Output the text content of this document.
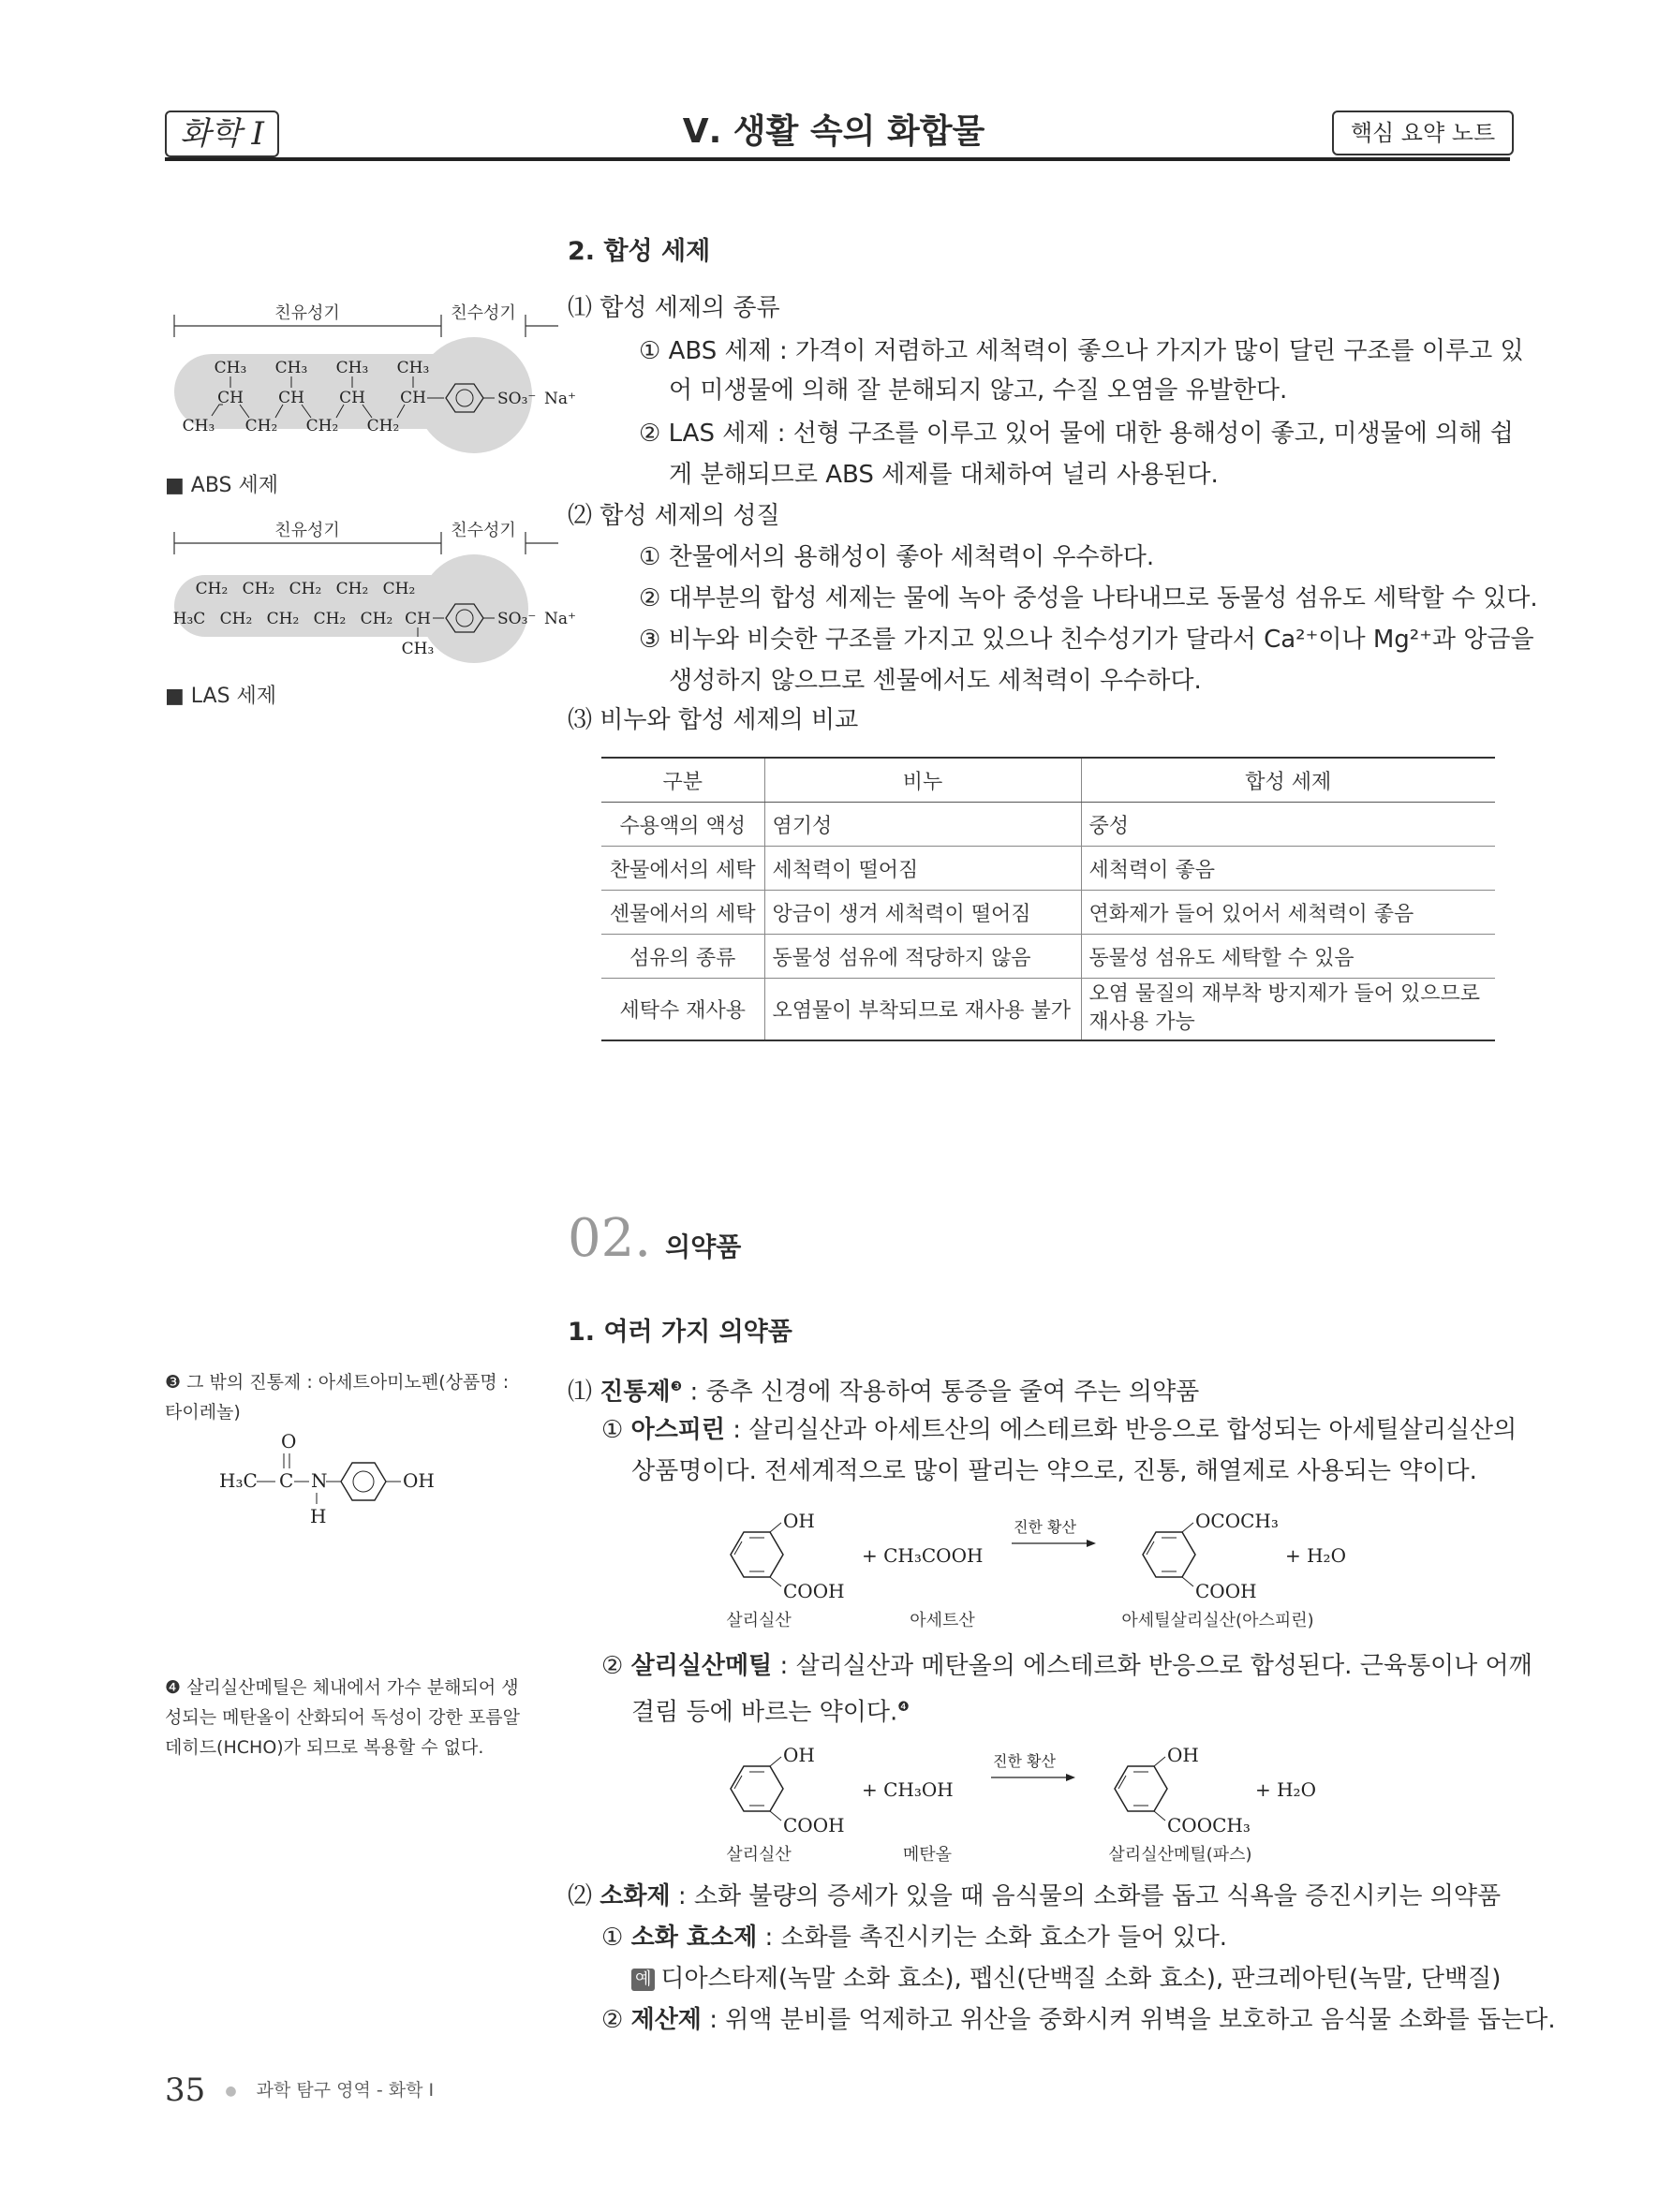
화학 I	Ⅴ. 생활 속의 화합물	핵심 요약 노트
친유성기	친수성기
CH₃ CH₃ CH₃ CH₃
CH CH CH CH
CH₃ CH₂ CH₂ CH₂
SO₃⁻ Na⁺
■ ABS 세제
친유성기	친수성기
CH₂ CH₂ CH₂ CH₂ CH₂
H₃C CH₂ CH₂ CH₂ CH₂ CH
CH₃
SO₃⁻ Na⁺
■ LAS 세제
2. 합성 세제
⑴ 합성 세제의 종류
① ABS 세제 : 가격이 저렴하고 세척력이 좋으나 가지가 많이 달린 구조를 이루고 있
어 미생물에 의해 잘 분해되지 않고, 수질 오염을 유발한다.
② LAS 세제 : 선형 구조를 이루고 있어 물에 대한 용해성이 좋고, 미생물에 의해 쉽
게 분해되므로 ABS 세제를 대체하여 널리 사용된다.
⑵ 합성 세제의 성질
① 찬물에서의 용해성이 좋아 세척력이 우수하다.
② 대부분의 합성 세제는 물에 녹아 중성을 나타내므로 동물성 섬유도 세탁할 수 있다.
③ 비누와 비슷한 구조를 가지고 있으나 친수성기가 달라서 Ca²⁺이나 Mg²⁺과 앙금을
생성하지 않으므로 센물에서도 세척력이 우수하다.
⑶ 비누와 합성 세제의 비교
구분	비누	합성 세제
수용액의 액성	염기성	중성
찬물에서의 세탁	세척력이 떨어짐	세척력이 좋음
센물에서의 세탁	앙금이 생겨 세척력이 떨어짐	연화제가 들어 있어서 세척력이 좋음
섬유의 종류	동물성 섬유에 적당하지 않음	동물성 섬유도 세탁할 수 있음
세탁수 재사용	오염물이 부착되므로 재사용 불가	오염 물질의 재부착 방지제가 들어 있으므로 재사용 가능
02. 의약품
1. 여러 가지 의약품
⑴ 진통제$^❸$ : 중추 신경에 작용하여 통증을 줄여 주는 의약품
① 아스피린 : 살리실산과 아세트산의 에스테르화 반응으로 합성되는 아세틸살리실산의
상품명이다. 전세계적으로 많이 팔리는 약으로, 진통, 해열제로 사용되는 약이다.
OH
COOH
+ CH₃COOH
진한 황산	OCOCH₃
COOH
+ H₂O
살리실산	아세트산	아세틸살리실산(아스피린)
② 살리실산메틸 : 살리실산과 메탄올의 에스테르화 반응으로 합성된다. 근육통이나 어깨
결림 등에 바르는 약이다.$^❹$
OH
COOH
+ CH₃OH
진한 황산	OH
COOCH₃
+ H₂O
살리실산	메탄올	살리실산메틸(파스)
⑵ 소화제 : 소화 불량의 증세가 있을 때 음식물의 소화를 돕고 식욕을 증진시키는 의약품
① 소화 효소제 : 소화를 촉진시키는 소화 효소가 들어 있다.
예 디아스타제(녹말 소화 효소), 펩신(단백질 소화 효소), 판크레아틴(녹말, 단백질)
② 제산제 : 위액 분비를 억제하고 위산을 중화시켜 위벽을 보호하고 음식물 소화를 돕는다.
❸ 그 밖의 진통제 : 아세트아미노펜(상품명 :
타이레놀)
O
H₃C C N
H
OH
❹ 살리실산메틸은 체내에서 가수 분해되어 생
성되는 메탄올이 산화되어 독성이 강한 포름알
데히드(HCHO)가 되므로 복용할 수 없다.
35 ● 과학 탐구 영역 - 화학 Ⅰ
